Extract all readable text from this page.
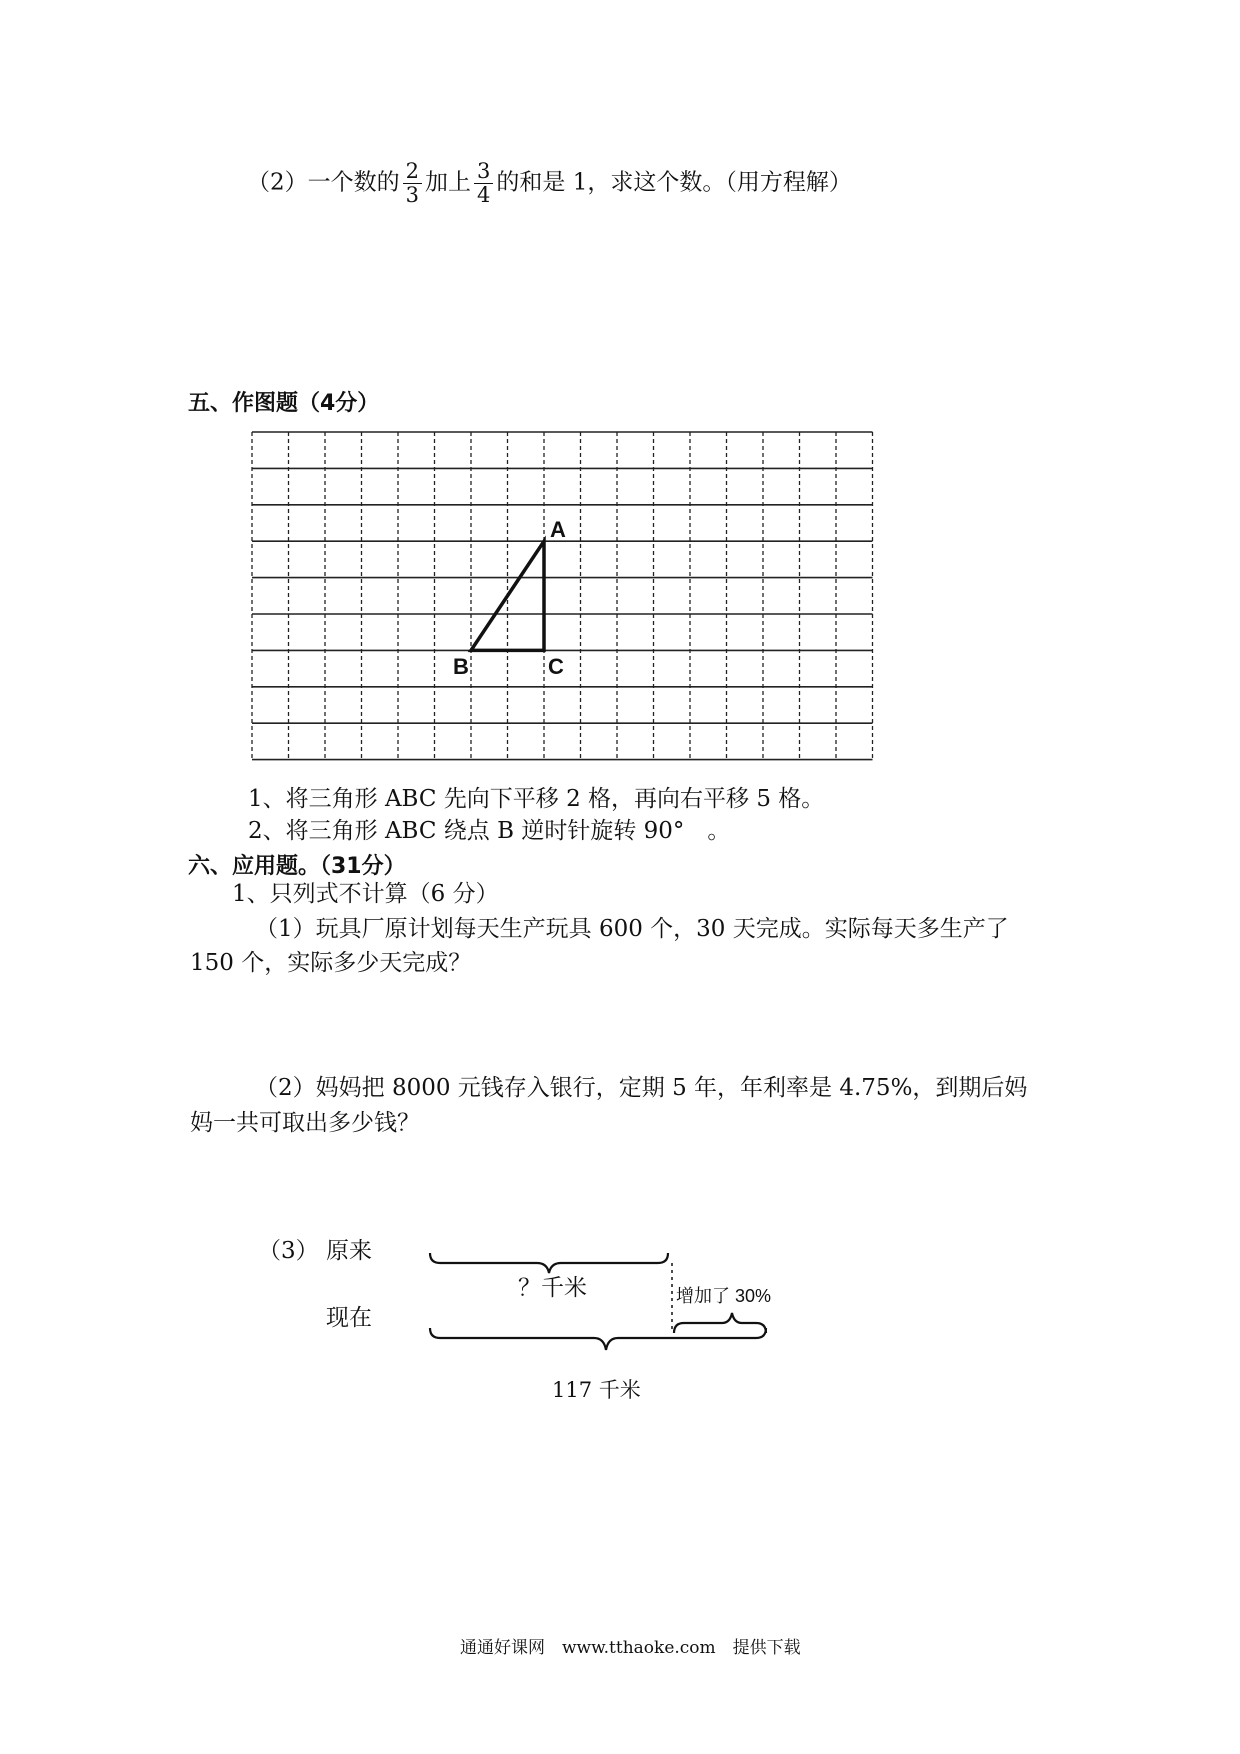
（2）一个数的 $\frac{2}{3}$ 加上 $\frac{3}{4}$ 的和是 1，求这个数。（用方程解）
五、作图题（4分）
A
B	C
1、将三角形 ABC 先向下平移 2 格，再向右平移 5 格。
2、将三角形 ABC 绕点 B 逆时针旋转 90°　。
六、应用题。（31分）
1、只列式不计算（6 分）
（1）玩具厂原计划每天生产玩具 600 个，30 天完成。实际每天多生产了
150 个，实际多少天完成？
（2）妈妈把 8000 元钱存入银行，定期 5 年，年利率是 4.75%，到期后妈
妈一共可取出多少钱？
（3） 原来
现在
？千米	增加了 30%
117 千米
通通好课网　www.tthaoke.com　提供下载
